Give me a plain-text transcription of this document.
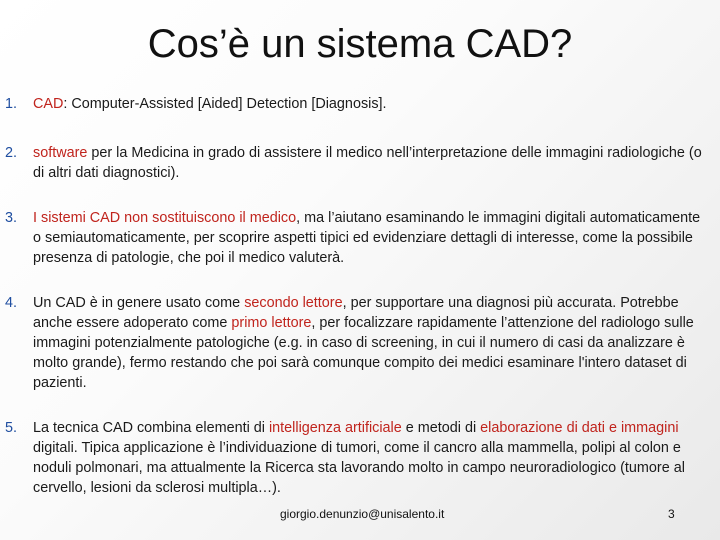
Cos’è un sistema CAD?
1.	CAD: Computer-Assisted [Aided] Detection [Diagnosis].
2.	software per la Medicina in grado di assistere il medico nell’interpretazione delle immagini radiologiche (o di altri dati diagnostici).
3.	I sistemi CAD non sostituiscono il medico, ma l’aiutano esaminando le immagini digitali automaticamente o semiautomaticamente, per scoprire aspetti tipici ed evidenziare dettagli di interesse, come la possibile presenza di patologie, che poi il medico valuterà.
4.	Un CAD è in genere usato come secondo lettore, per supportare una diagnosi più accurata. Potrebbe anche essere adoperato come primo lettore, per focalizzare rapidamente l’attenzione del radiologo sulle immagini potenzialmente patologiche (e.g. in caso di screening, in cui il numero di casi da analizzare è molto grande), fermo restando che poi sarà comunque compito dei medici esaminare l'intero dataset di pazienti.
5.	La tecnica CAD combina elementi di intelligenza artificiale e metodi di elaborazione di dati e immagini digitali. Tipica applicazione è l’individuazione di tumori, come il cancro alla mammella, polipi al colon e noduli polmonari, ma attualmente la Ricerca sta lavorando molto in campo neuroradiologico (tumore al cervello, lesioni da sclerosi multipla…).
giorgio.denunzio@unisalento.it	3
